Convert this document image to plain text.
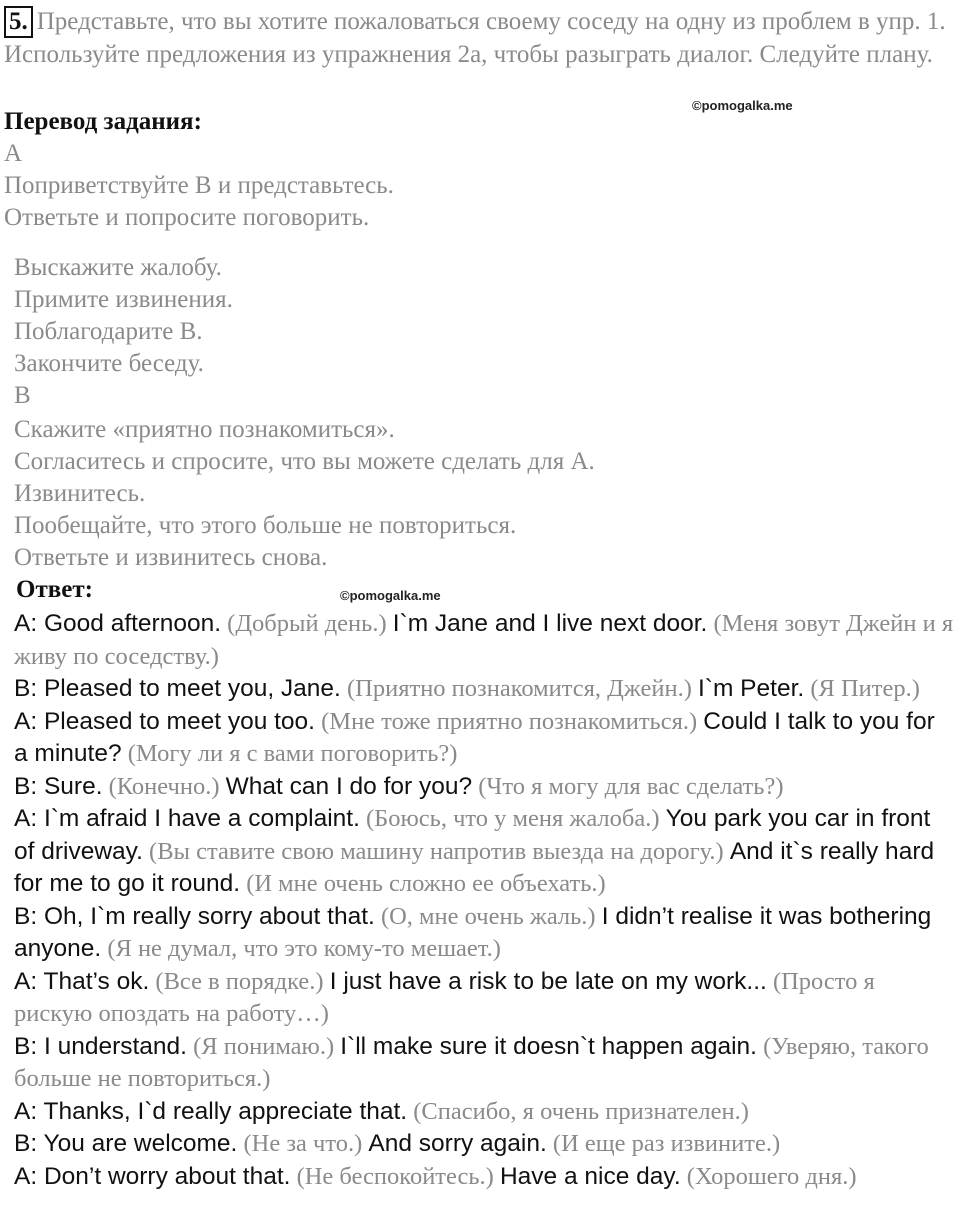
5. Представьте, что вы хотите пожаловаться своему соседу на одну из проблем в упр. 1. Используйте предложения из упражнения 2а, чтобы разыграть диалог. Следуйте плану.
©pomogalka.me
Перевод задания:
A
Поприветствуйте В и представьтесь.
Ответьте и попросите поговорить.
Выскажите жалобу.
Примите извинения.
Поблагодарите В.
Закончите беседу.
B
Скажите «приятно познакомиться».
Согласитесь и спросите, что вы можете сделать для А.
Извинитесь.
Пообещайте, что этого больше не повториться.
Ответьте и извинитесь снова.
Ответ:	©pomogalka.me

A: Good afternoon. (Добрый день.) I`m Jane and I live next door. (Меня зовут Джейн и я живу по соседству.)

B: Pleased to meet you, Jane. (Приятно познакомится, Джейн.) I`m Peter. (Я Питер.)

A: Pleased to meet you too. (Мне тоже приятно познакомиться.) Could I talk to you for a minute? (Могу ли я с вами поговорить?)

B: Sure. (Конечно.) What can I do for you? (Что я могу для вас сделать?)

A: I`m afraid I have a complaint. (Боюсь, что у меня жалоба.) You park you car in front of driveway. (Вы ставите свою машину напротив выезда на дорогу.) And it`s really hard for me to go it round. (И мне очень сложно ее объехать.)

B: Oh, I`m really sorry about that. (О, мне очень жаль.) I didn’t realise it was bothering anyone. (Я не думал, что это кому-то мешает.)

A: That’s ok. (Все в порядке.) I just have a risk to be late on my work... (Просто я рискую опоздать на работу…)

B: I understand. (Я понимаю.) I`ll make sure it doesn`t happen again. (Уверяю, такого больше не повториться.)

A: Thanks, I`d really appreciate that. (Спасибо, я очень признателен.)

B: You are welcome. (Не за что.) And sorry again. (И еще раз извините.)

A: Don’t worry about that. (Не беспокойтесь.) Have a nice day. (Хорошего дня.)
